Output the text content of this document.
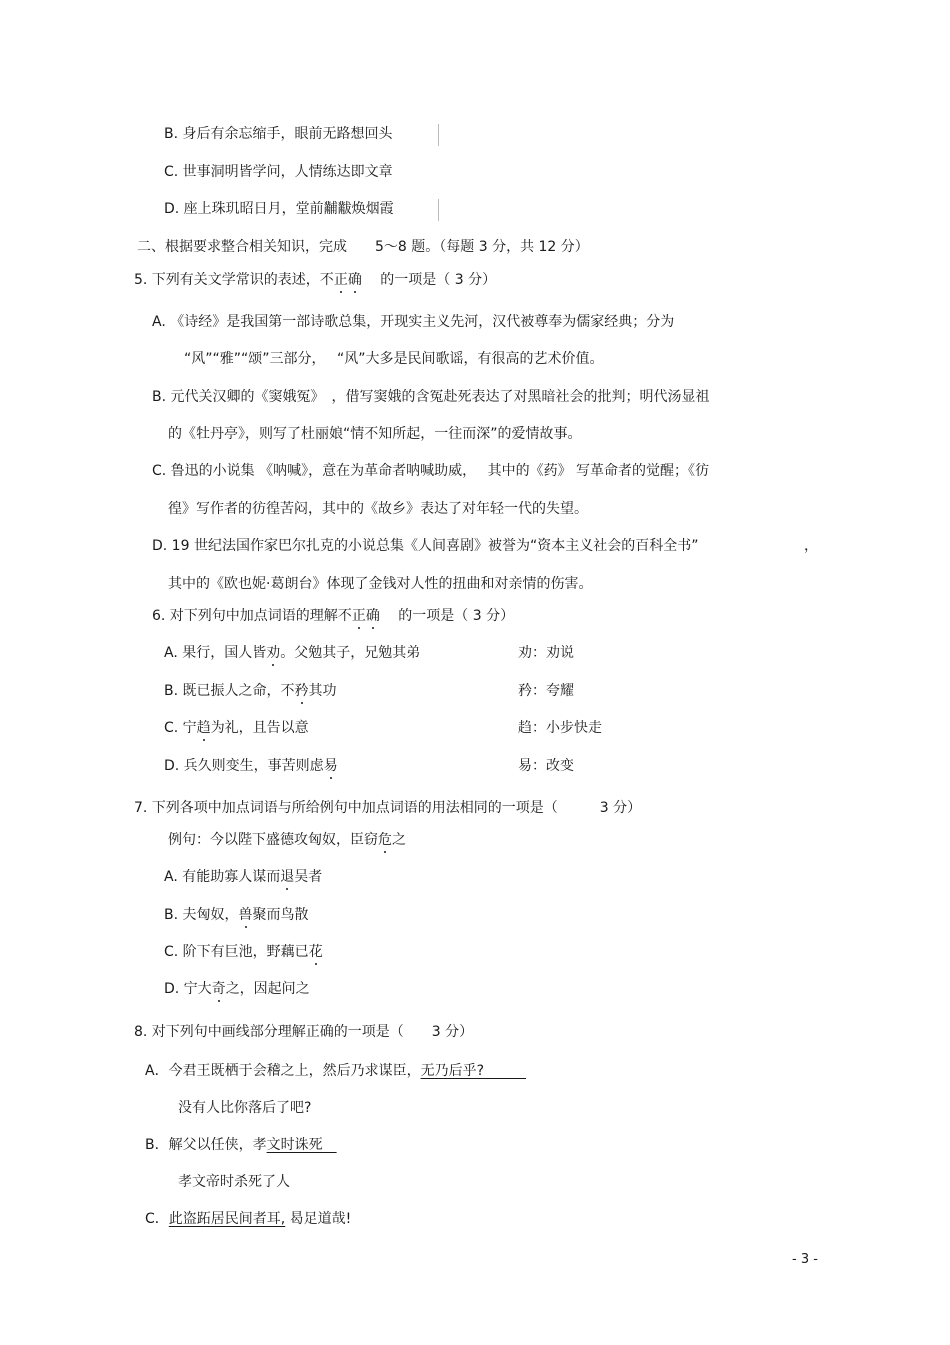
B. 身后有余忘缩手，眼前无路想回头
C. 世事洞明皆学问，人情练达即文章
D. 座上珠玑昭日月，堂前黼黻焕烟霞
二、根据要求整合相关知识，完成　　5～8 题。（每题 3 分，共 12 分）
5. 下列有关文学常识的表述，不正确　 的一项是（ 3 分）
A. 《诗经》是我国第一部诗歌总集，开现实主义先河，汉代被尊奉为儒家经典；分为
“风”“雅”“颂”三部分，　 “风”大多是民间歌谣，有很高的艺术价值。
B. 元代关汉卿的《窦娥冤》　，借写窦娥的含冤赴死表达了对黑暗社会的批判；明代汤显祖
的《牡丹亭》，则写了杜丽娘“情不知所起，一往而深”的爱情故事。
C. 鲁迅的小说集 《呐喊》，意在为革命者呐喊助威，　 其中的《药》 写革命者的觉醒；《彷
徨》写作者的彷徨苦闷，其中的《故乡》表达了对年轻一代的失望。
D. 19 世纪法国作家巴尔扎克的小说总集《人间喜剧》被誉为“资本主义社会的百科全书”	，
其中的《欧也妮·葛朗台》体现了金钱对人性的扭曲和对亲情的伤害。
6. 对下列句中加点词语的理解不正确　 的一项是（ 3 分）
A. 果行，国人皆劝。父勉其子，兄勉其弟	劝：劝说
B. 既已振人之命，不矜其功	矜：夸耀
C. 宁趋为礼，且告以意	趋：小步快走
D. 兵久则变生，事苦则虑易	易：改变
7. 下列各项中加点词语与所给例句中加点词语的用法相同的一项是（　　　3 分）
例句：今以陛下盛德攻匈奴，臣窃危之
A. 有能助寡人谋而退吴者
B. 夫匈奴，兽聚而鸟散
C. 阶下有巨池，野藕已花
D. 宁大奇之，因起问之
8. 对下列句中画线部分理解正确的一项是（　　3 分）
A．今君王既栖于会稽之上，然后乃求谋臣，无乃后乎?　　　
没有人比你落后了吧?
B．解父以任侠，孝文时诛死　
孝文帝时杀死了人
C．此盗跖居民间者耳, 曷足道哉!
- 3 -
